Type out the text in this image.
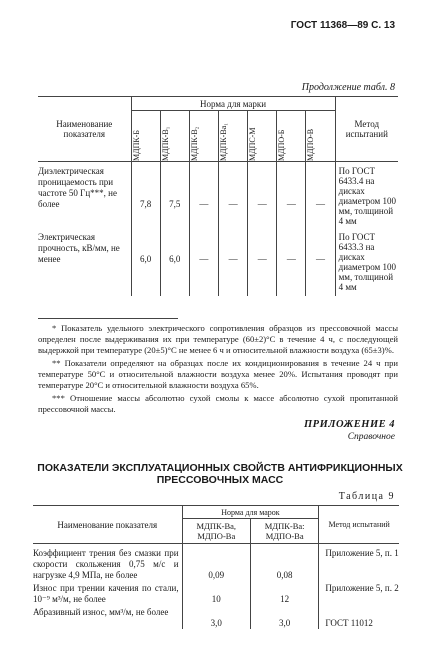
ГОСТ 11368—89 С. 13
Продолжение табл. 8
Наименование показателя	Норма для марки							Метод испытаний

	МДПК-Б	МДПК-В₁	МДПК-В₂	МДПК-Ва₁	МДПС-М	МДПО-Б	МДПО-В	

Диэлектрическая проницаемость при частоте 50 Гц***, не более	7,8	7,5	—	—	—	—	—	По ГОСТ 6433.4 на дисках диаметром 100 мм, толщиной 4 мм
Электрическая прочность, кВ/мм, не менее	6,0	6,0	—	—	—	—	—	По ГОСТ 6433.3 на дисках диаметром 100 мм, толщиной 4 мм

* Показатель удельного электрического сопротивления образцов из прессовочной массы определен после выдерживания их при температуре (60±2)°С в течение 4 ч, с последующей выдержкой при температуре (20±5)°С не менее 6 ч и относительной влажности воздуха (65±3)%.

** Показатели определяют на образцах после их кондиционирования в течение 24 ч при температуре 50°С и относительной влажности воздуха менее 20%. Испытания проводят при температуре 20°С и относительной влажности воздуха 65%.

*** Отношение массы абсолютно сухой смолы к массе абсолютно сухой пропитанной прессовочной массы.

ПРИЛОЖЕНИЕ 4
Справочное
ПОКАЗАТЕЛИ ЭКСПЛУАТАЦИОННЫХ СВОЙСТВ АНТИФРИКЦИОННЫХ ПРЕССОВОЧНЫХ МАСС
Таблица 9
Наименование показателя	Норма для марок		Метод испытаний
	МДПК-Ва, МДПО-Ва	МДПК-Ва: МДПО-Ва	
Коэффициент трения без смазки при скорости скольжения 0,75 м/с и нагрузке 4,9 МПа, не более	0,09	0,08	Приложение 5, п. 1
Износ при трении качения по стали, 10⁻⁹ м³/м, не более	10	12	Приложение 5, п. 2
Абразивный износ, мм³/м, не более	3,0	3,0	ГОСТ 11012
